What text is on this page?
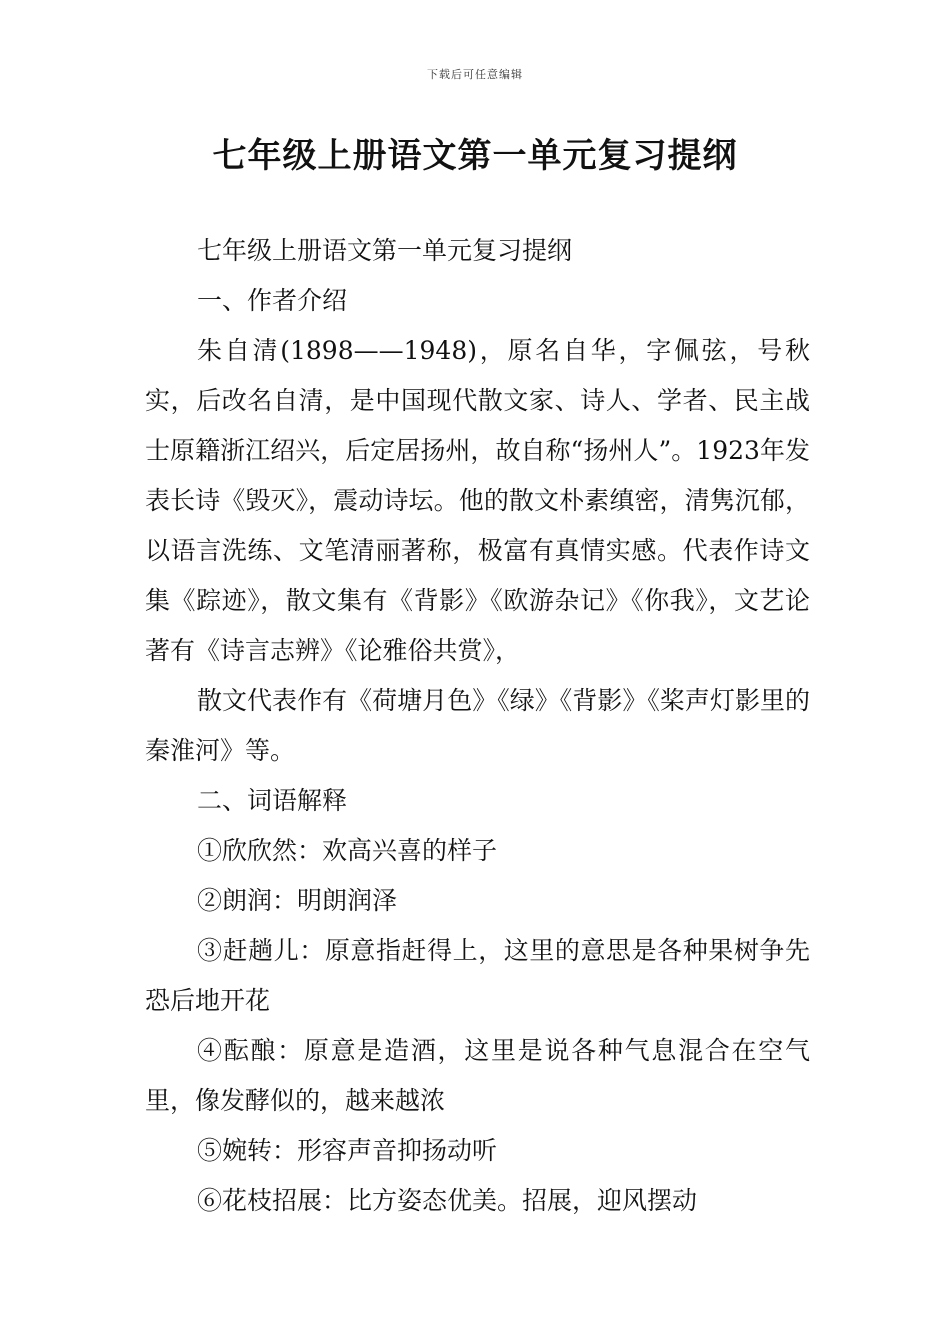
下载后可任意编辑
七年级上册语文第一单元复习提纲

七年级上册语文第一单元复习提纲

一、作者介绍

朱自清(1898——1948)，原名自华，字佩弦，号秋实，后改名自清，是中国现代散文家、诗人、学者、民主战士原籍浙江绍兴，后定居扬州，故自称“扬州人”。1923年发表长诗《毁灭》，震动诗坛。他的散文朴素缜密，清隽沉郁，以语言洗练、文笔清丽著称，极富有真情实感。代表作诗文集《踪迹》，散文集有《背影》《欧游杂记》《你我》，文艺论著有《诗言志辨》《论雅俗共赏》，

散文代表作有《荷塘月色》《绿》《背影》《桨声灯影里的秦淮河》等。

二、词语解释

①欣欣然：欢高兴喜的样子

②朗润：明朗润泽

③赶趟儿：原意指赶得上，这里的意思是各种果树争先恐后地开花

④酝酿：原意是造酒，这里是说各种气息混合在空气里，像发酵似的，越来越浓

⑤婉转：形容声音抑扬动听

⑥花枝招展：比方姿态优美。招展，迎风摆动
